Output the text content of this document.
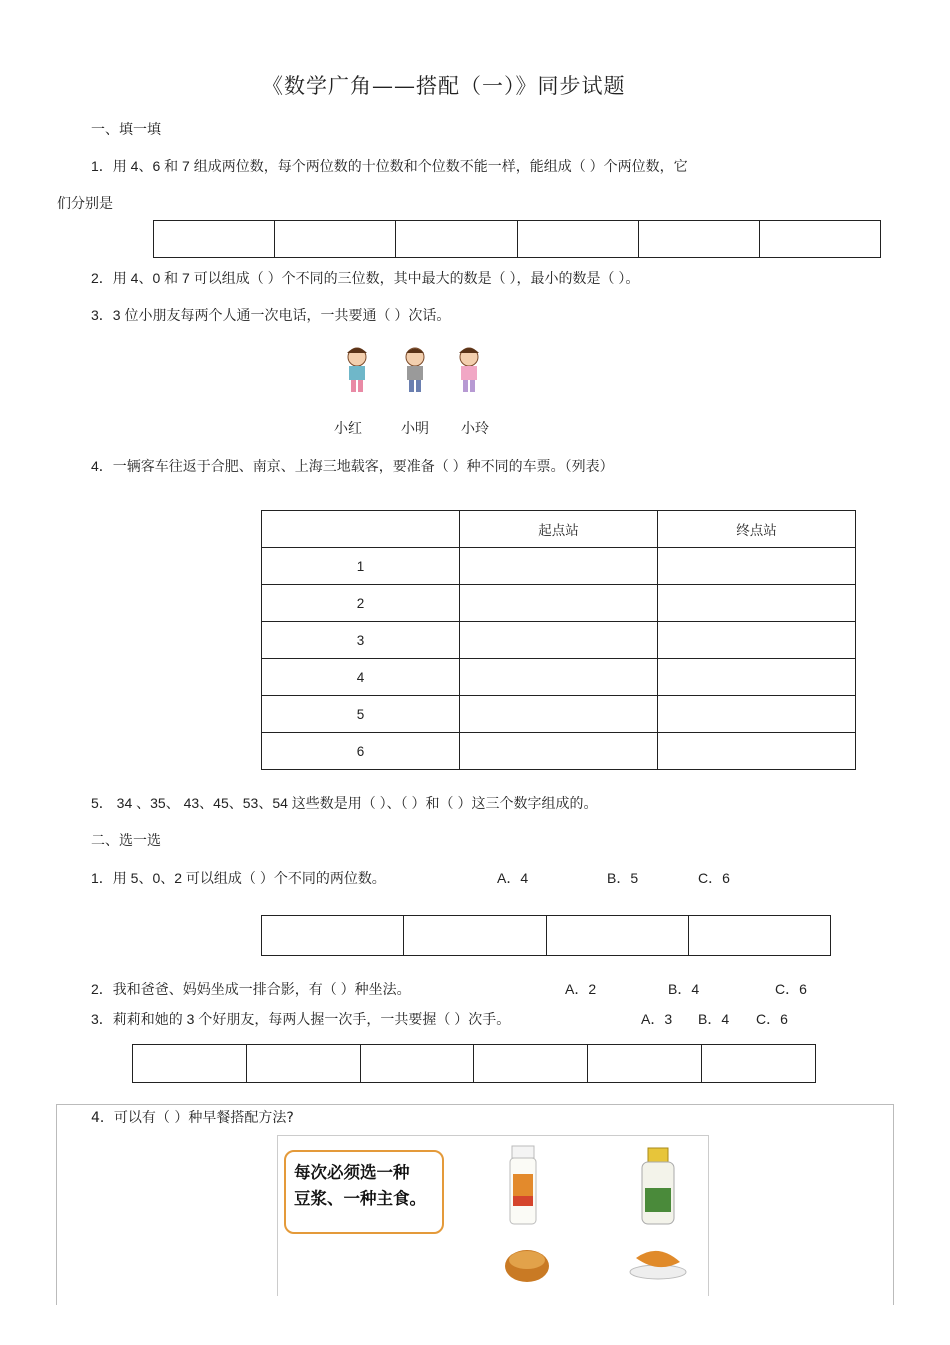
《数学广角——搭配（一）》同步试题
一、填一填
1．用 4、6 和 7 组成两位数，每个两位数的十位数和个位数不能一样，能组成（ ）个两位数，它
们分别是
2．用 4、0 和 7 可以组成（ ）个不同的三位数，其中最大的数是（ ），最小的数是（ ）。
3．3 位小朋友每两个人通一次电话，一共要通（ ）次话。
小红	小明 小玲
4．一辆客车往返于合肥、南京、上海三地载客，要准备（ ）种不同的车票。（列表）
	起点站	终点站
1		
2		
3		
4		
5		
6		
5． 34 、35、 43、45、53、54 这些数是用（ ）、（ ）和（ ）这三个数字组成的。
二、选一选
1．用 5、0、2 可以组成（ ）个不同的两位数。	A．4	B．5	C．6
2．我和爸爸、妈妈坐成一排合影，有（ ）种坐法。	A．2	B．4	C．6
3．莉莉和她的 3 个好朋友，每两人握一次手，一共要握（ ）次手。	A．3 B．4 C．6
4．可以有（ ）种早餐搭配方法?
每次必须选一种
豆浆、一种主食。
